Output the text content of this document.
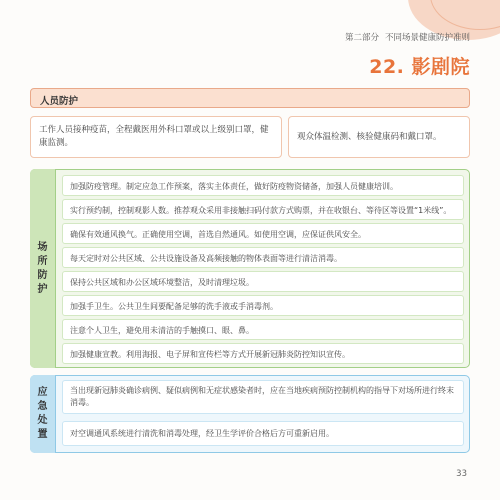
第二部分 不同场景健康防护准则
22. 影剧院
人员防护
工作人员接种疫苗，全程戴医用外科口罩或以上级别口罩，健康监测。
观众体温检测、核验健康码和戴口罩。
场
所
防
护
加强防疫管理。制定应急工作预案，落实主体责任，做好防疫物资储备，加强人员健康培训。
实行预约制，控制观影人数。推荐观众采用非接触扫码付款方式购票，并在收银台、等待区等设置“1米线”。
确保有效通风换气。正确使用空调，首选自然通风。如使用空调，应保证供风安全。
每天定时对公共区域、公共设施设备及高频接触的物体表面等进行清洁消毒。
保持公共区域和办公区域环境整洁，及时清理垃圾。
加强手卫生。公共卫生间要配备足够的洗手液或手消毒剂。
注意个人卫生，避免用未清洁的手触摸口、眼、鼻。
加强健康宣教。利用海报、电子屏和宣传栏等方式开展新冠肺炎防控知识宣传。
应
急
处
置
当出现新冠肺炎确诊病例、疑似病例和无症状感染者时，应在当地疾病预防控制机构的指导下对场所进行终末消毒。
对空调通风系统进行清洗和消毒处理，经卫生学评价合格后方可重新启用。
33
